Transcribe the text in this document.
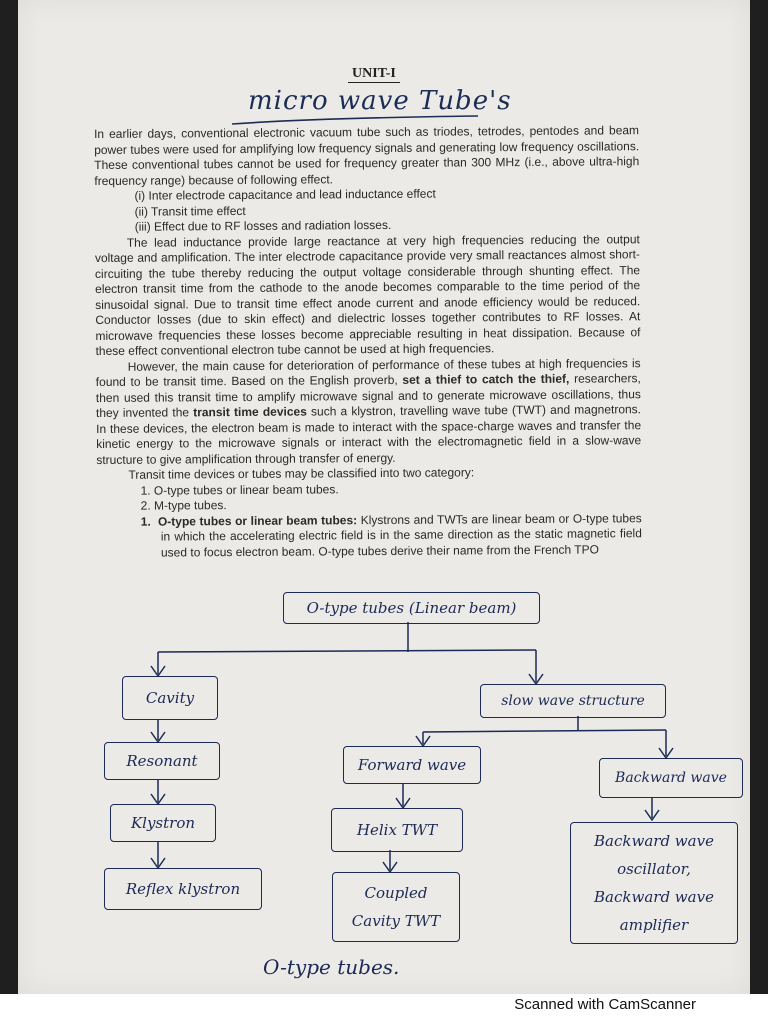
UNIT-I
micro wave Tube's

In earlier days, conventional electronic vacuum tube such as triodes, tetrodes, pentodes and beam power tubes were used for amplifying low frequency signals and generating low frequency oscillations. These conventional tubes cannot be used for frequency greater than 300 MHz (i.e., above ultra-high frequency range) because of following effect.

(i) Inter electrode capacitance and lead inductance effect

(ii) Transit time effect

(iii) Effect due to RF losses and radiation losses.

The lead inductance provide large reactance at very high frequencies reducing the output voltage and amplification. The inter electrode capacitance provide very small reactances almost short-circuiting the tube thereby reducing the output voltage considerable through shunting effect. The electron transit time from the cathode to the anode becomes comparable to the time period of the sinusoidal signal. Due to transit time effect anode current and anode efficiency would be reduced. Conductor losses (due to skin effect) and dielectric losses together contributes to RF losses. At microwave frequencies these losses become appreciable resulting in heat dissipation. Because of these effect conventional electron tube cannot be used at high frequencies.

However, the main cause for deterioration of performance of these tubes at high frequencies is found to be transit time. Based on the English proverb, set a thief to catch the thief, researchers, then used this transit time to amplify microwave signal and to generate microwave oscillations, thus they invented the transit time devices such a klystron, travelling wave tube (TWT) and magnetrons. In these devices, the electron beam is made to interact with the space-charge waves and transfer the kinetic energy to the microwave signals or interact with the electromagnetic field in a slow-wave structure to give amplification through transfer of energy.

Transit time devices or tubes may be classified into two category:

1. O-type tubes or linear beam tubes.

2. M-type tubes.

1. O-type tubes or linear beam tubes: Klystrons and TWTs are linear beam or O-type tubes in which the accelerating electric field is in the same direction as the static magnetic field used to focus electron beam. O-type tubes derive their name from the French TPO

O-type tubes (Linear beam)
Cavity
Resonant
Klystron
Reflex klystron
slow wave structure
Forward wave
Helix TWT
Coupled Cavity TWT
Backward wave
Backward wave oscillator, Backward wave amplifier
O-type tubes.
Scanned with CamScanner
